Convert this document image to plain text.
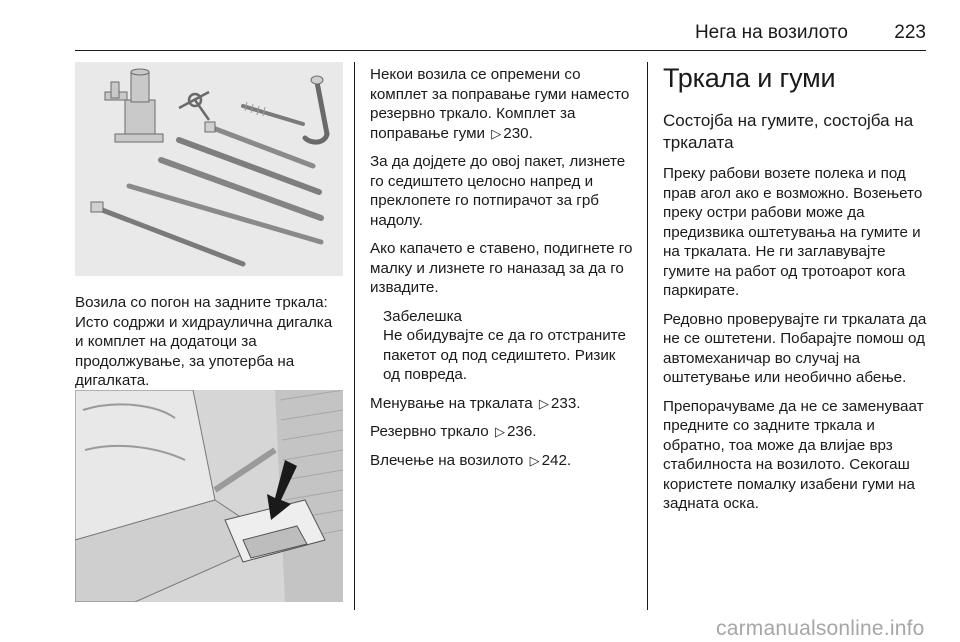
Нега на возилото	223

Возила со погон на задните тркала: Исто содржи и хидраулична дигалка и комплет на додатоци за продолжување, за употерба на дигалката.

Некои возила се опремени со комплет за поправање гуми наместо резервно тркало. Комплет за поправање гуми ▷ 230.

За да дојдете до овој пакет, лизнете го седиштето целосно напред и преклопете го потпирачот за грб надолу.

Ако капачето е ставено, подигнете го малку и лизнете го наназад за да го извадите.

Забелешка
Не обидувајте се да го отстраните пакетот од под седиштето. Ризик од повреда.

Менување на тркалата ▷ 233.

Резервно тркало ▷ 236.

Влечење на возилото ▷ 242.

Тркала и гуми
Состојба на гумите, состојба на тркалата

Преку рабови возете полека и под прав агол ако е возможно. Возењето преку остри рабови може да предизвика оштетувања на гумите и на тркалата. Не ги заглавувајте гумите на работ од тротоарот кога паркирате.

Редовно проверувајте ги тркалата да не се оштетени. Побарајте помош од автомеханичар во случај на оштетување или необично абење.

Препорачуваме да не се заменуваат предните со задните тркала и обратно, тоа може да влијае врз стабилноста на возилото. Секогаш користете помалку изабени гуми на задната оска.

carmanualsonline.info
